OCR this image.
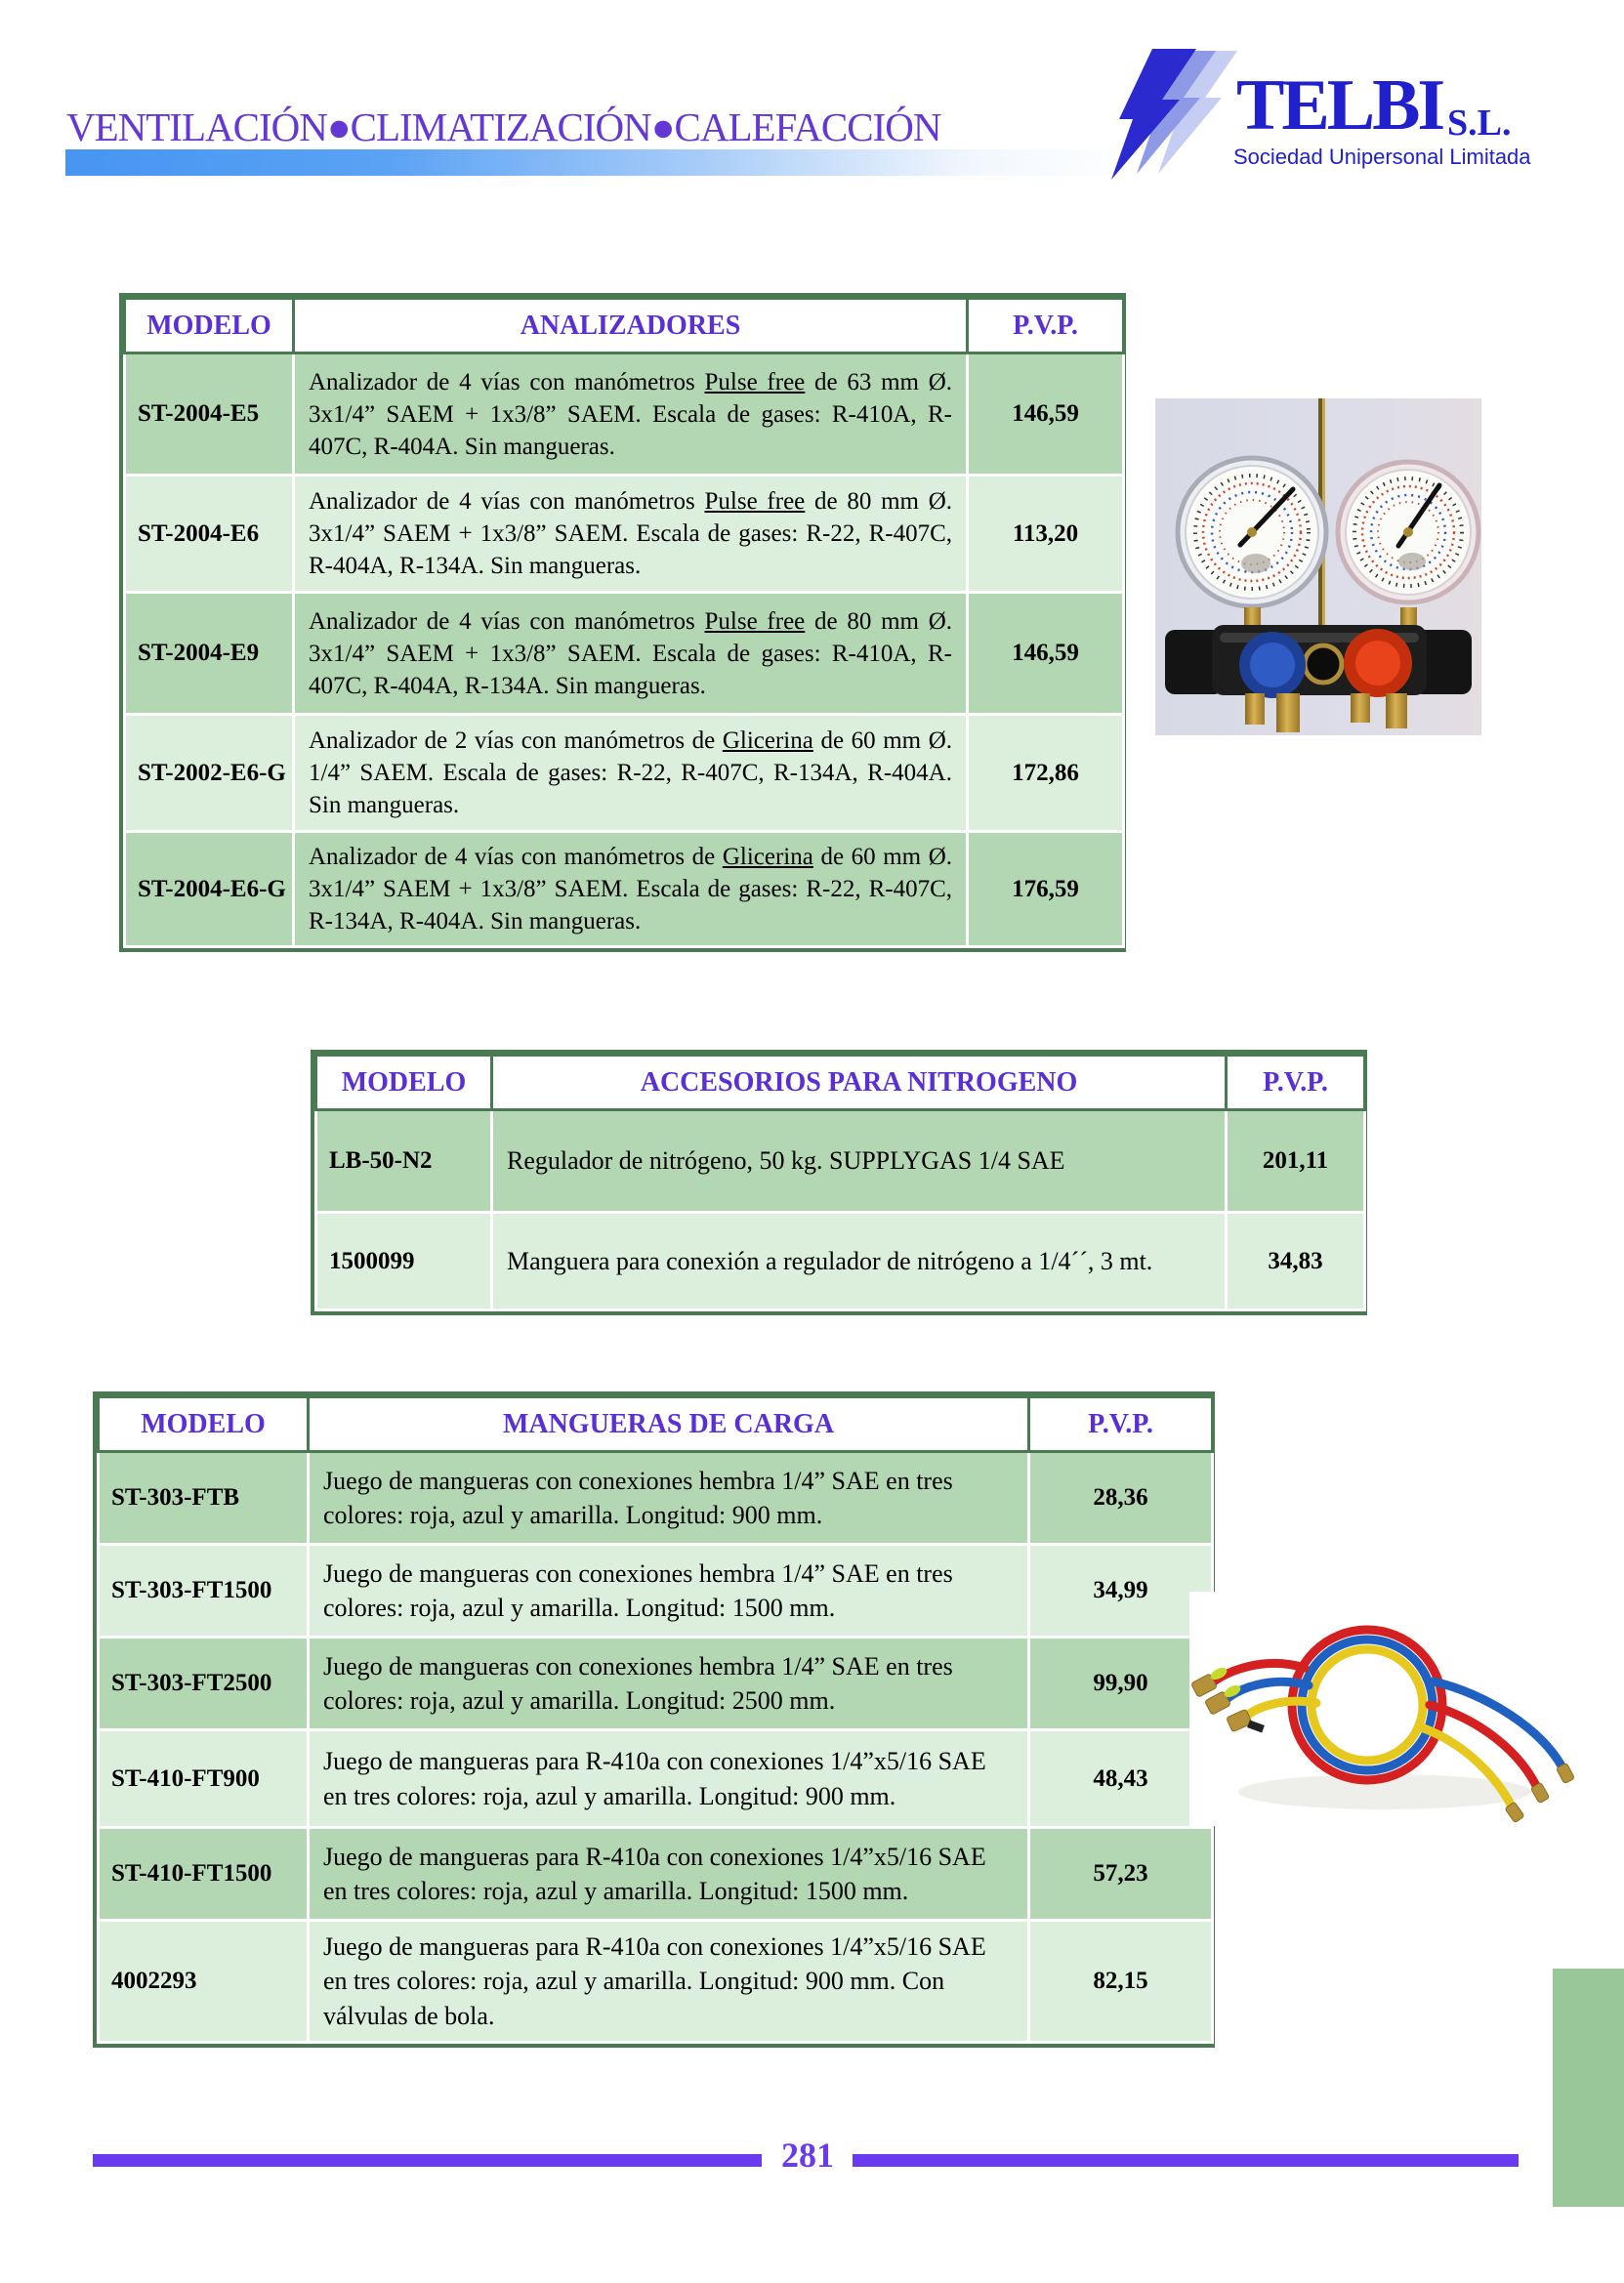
VENTILACIÓN●CLIMATIZACIÓN●CALEFACCIÓN	TELBI S.L.
Sociedad Unipersonal Limitada
MODELO	ANALIZADORES	P.V.P.
ST-2004-E5	Analizador de 4 vías con manómetros Pulse free de 63 mm Ø. 3x1/4” SAEM + 1x3/8” SAEM. Escala de gases: R-410A, R-407C, R-404A. Sin mangueras.	146,59
ST-2004-E6	Analizador de 4 vías con manómetros Pulse free de 80 mm Ø. 3x1/4” SAEM + 1x3/8” SAEM. Escala de gases: R-22, R-407C, R-404A, R-134A. Sin mangueras.	113,20
ST-2004-E9	Analizador de 4 vías con manómetros Pulse free de 80 mm Ø. 3x1/4” SAEM + 1x3/8” SAEM. Escala de gases: R-410A, R-407C, R-404A, R-134A. Sin mangueras.	146,59
ST-2002-E6-G	Analizador de 2 vías con manómetros de Glicerina de 60 mm Ø. 1/4” SAEM. Escala de gases: R-22, R-407C, R-134A, R-404A. Sin mangueras.	172,86
ST-2004-E6-G	Analizador de 4 vías con manómetros de Glicerina de 60 mm Ø. 3x1/4” SAEM + 1x3/8” SAEM. Escala de gases: R-22, R-407C, R-134A, R-404A. Sin mangueras.	176,59
MODELO	ACCESORIOS PARA NITROGENO	P.V.P.
LB-50-N2	Regulador de nitrógeno, 50 kg. SUPPLYGAS 1/4 SAE	201,11
1500099	Manguera para conexión a regulador de nitrógeno a 1/4´´, 3 mt.	34,83
MODELO	MANGUERAS DE CARGA	P.V.P.
ST-303-FTB	Juego de mangueras con conexiones hembra 1/4” SAE en tres colores: roja, azul y amarilla. Longitud: 900 mm.	28,36
ST-303-FT1500	Juego de mangueras con conexiones hembra 1/4” SAE en tres colores: roja, azul y amarilla. Longitud: 1500 mm.	34,99
ST-303-FT2500	Juego de mangueras con conexiones hembra 1/4” SAE en tres colores: roja, azul y amarilla. Longitud: 2500 mm.	99,90
ST-410-FT900	Juego de mangueras para R-410a con conexiones 1/4”x5/16 SAE en tres colores: roja, azul y amarilla. Longitud: 900 mm.	48,43
ST-410-FT1500	Juego de mangueras para R-410a con conexiones 1/4”x5/16 SAE en tres colores: roja, azul y amarilla. Longitud: 1500 mm.	57,23
4002293	Juego de mangueras para R-410a con conexiones 1/4”x5/16 SAE en tres colores: roja, azul y amarilla. Longitud: 900 mm. Con válvulas de bola.	82,15
281
